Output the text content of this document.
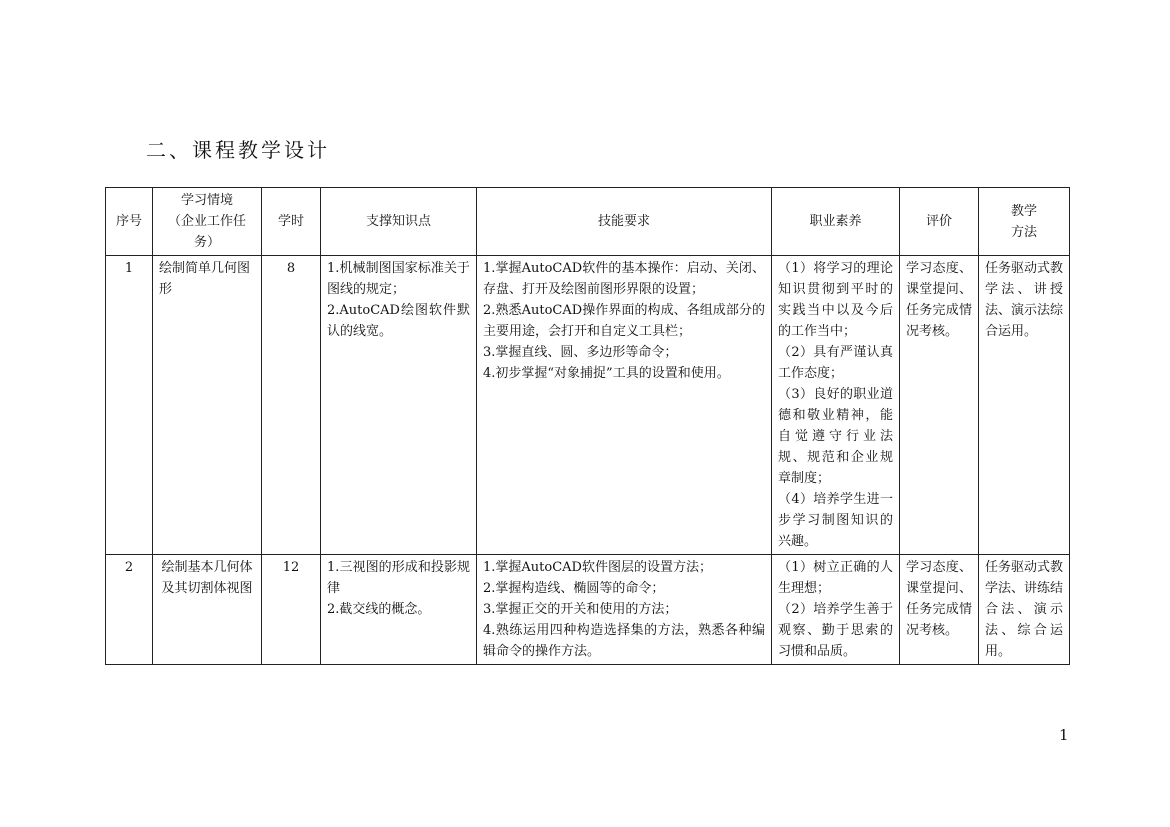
二、课程教学设计
序号	学习情境
（企业工作任
务）	学时	支撑知识点	技能要求	职业素养	评价	教学
方法

1	绘制简单几何图形	8	1.机械制图国家标准关于图线的规定；
2.AutoCAD绘图软件默认的线宽。	1.掌握AutoCAD软件的基本操作：启动、关闭、存盘、打开及绘图前图形界限的设置；
2.熟悉AutoCAD操作界面的构成、各组成部分的主要用途，会打开和自定义工具栏；
3.掌握直线、圆、多边形等命令；
4.初步掌握“对象捕捉”工具的设置和使用。	（1）将学习的理论知识贯彻到平时的实践当中以及今后的工作当中；
（2）具有严谨认真工作态度；
（3）良好的职业道德和敬业精神，能自觉遵守行业法规、规范和企业规章制度；
（4）培养学生进一步学习制图知识的兴趣。	学习态度、课堂提问、任务完成情况考核。	任务驱动式教学法、讲授法、演示法综合运用。
2	绘制基本几何体及其切割体视图	12	1.三视图的形成和投影规律
2.截交线的概念。	1.掌握AutoCAD软件图层的设置方法；
2.掌握构造线、椭圆等的命令；
3.掌握正交的开关和使用的方法；
4.熟练运用四种构造选择集的方法，熟悉各种编辑命令的操作方法。	（1）树立正确的人生理想；
（2）培养学生善于观察、勤于思索的习惯和品质。	学习态度、课堂提问、任务完成情况考核。	任务驱动式教学法、讲练结合法、演示法、综合运用。
1
